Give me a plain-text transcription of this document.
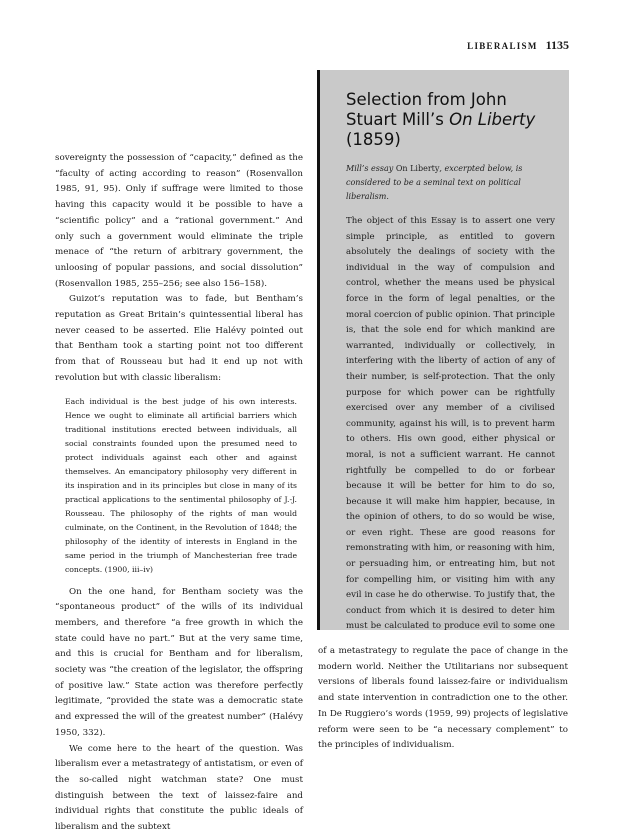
LIBERALISM 1135
Selection from John Stuart Mill’s On Liberty (1859)

Mill’s essay On Liberty, excerpted below, is considered to be a seminal text on political liberalism.

The object of this Essay is to assert one very simple principle, as entitled to govern absolutely the dealings of society with the individual in the way of compulsion and control, whether the means used be physical force in the form of legal penalties, or the moral coercion of public opinion. That principle is, that the sole end for which mankind are warranted, individually or collectively, in interfering with the liberty of action of any of their number, is self-protection. That the only purpose for which power can be rightfully exercised over any member of a civilised community, against his will, is to prevent harm to others. His own good, either physical or moral, is not a sufficient warrant. He cannot rightfully be compelled to do or forbear because it will be better for him to do so, because it will make him happier, because, in the opinion of others, to do so would be wise, or even right. These are good reasons for remonstrating with him, or reasoning with him, or persuading him, or entreating him, but not for compelling him, or visiting him with any evil in case he do otherwise. To justify that, the conduct from which it is desired to deter him must be calculated to produce evil to some one

sovereignty the possession of “capacity,” defined as the “faculty of acting according to reason” (Rosenvallon 1985, 91, 95). Only if suffrage were limited to those having this capacity would it be possible to have a “scientific policy” and a “rational government.” And only such a government would eliminate the triple menace of “the return of arbitrary government, the unloosing of popular passions, and social dissolution” (Rosenvallon 1985, 255–256; see also 156–158).

Guizot’s reputation was to fade, but Bentham’s reputation as Great Britain’s quintessential liberal has never ceased to be asserted. Elie Halévy pointed out that Bentham took a starting point not too different from that of Rousseau but had it end up not with revolution but with classic liberalism:

Each individual is the best judge of his own interests. Hence we ought to eliminate all artificial barriers which traditional institutions erected between individuals, all social constraints founded upon the presumed need to protect individuals against each other and against themselves. An emancipatory philosophy very different in its inspiration and in its principles but close in many of its practical applications to the sentimental philosophy of J.-J. Rousseau. The philosophy of the rights of man would culminate, on the Continent, in the Revolution of 1848; the philosophy of the identity of interests in England in the same period in the triumph of Manchesterian free trade concepts. (1900, iii–iv)

On the one hand, for Bentham society was the “spontaneous product” of the wills of its individual members, and therefore “a free growth in which the state could have no part.” But at the very same time, and this is crucial for Bentham and for liberalism, society was “the creation of the legislator, the offspring of positive law.” State action was therefore perfectly legitimate, “provided the state was a democratic state and expressed the will of the greatest number” (Halévy 1950, 332).

We come here to the heart of the question. Was liberalism ever a metastrategy of antistatism, or even of the so-called night watchman state? One must distinguish between the text of laissez-faire and individual rights that constitute the public ideals of liberalism and the subtext

of a metastrategy to regulate the pace of change in the modern world. Neither the Utilitarians nor subsequent versions of liberals found laissez-faire or individualism and state intervention in contradiction one to the other. In De Ruggiero’s words (1959, 99) projects of legislative reform were seen to be “a necessary complement” to the principles of individualism.
